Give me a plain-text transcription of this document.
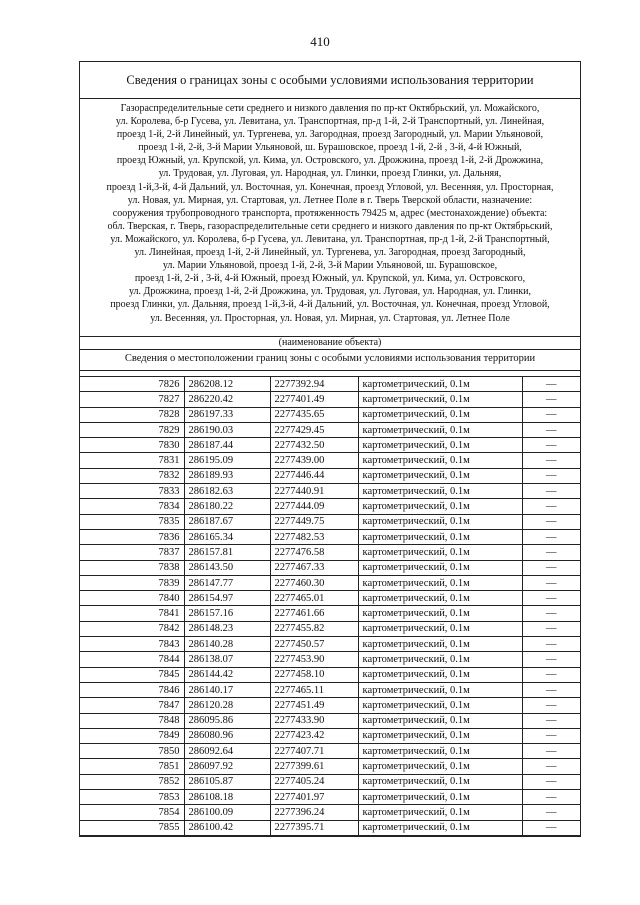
410
Сведения о границах зоны с особыми условиями использования территории
Газораспределительные сети среднего и низкого давления по пр-кт Октябрьский, ул. Можайского,
ул. Королева, б-р Гусева, ул. Левитана, ул. Транспортная, пр-д 1-й, 2-й Транспортный, ул. Линейная,
проезд 1-й, 2-й Линейный, ул. Тургенева, ул. Загородная, проезд Загородный, ул. Марии Ульяновой,
проезд 1-й, 2-й, 3-й Марии Ульяновой, ш. Бурашовское, проезд 1-й, 2-й , 3-й, 4-й Южный,
проезд Южный, ул. Крупской, ул. Кима, ул. Островского, ул. Дрожжина, проезд 1-й, 2-й Дрожжина,
ул. Трудовая, ул. Луговая, ул. Народная, ул. Глинки, проезд Глинки, ул. Дальняя,
проезд 1-й,3-й, 4-й Дальний, ул. Восточная, ул. Конечная, проезд Угловой, ул. Весенняя, ул. Просторная,
ул. Новая, ул. Мирная, ул. Стартовая, ул. Летнее Поле в г. Тверь Тверской области, назначение:
сооружения трубопроводного транспорта, протяженность 79425 м, адрес (местонахождение) объекта:
обл. Тверская, г. Тверь, газораспределительные сети среднего и низкого давления по пр-кт Октябрьский,
ул. Можайского, ул. Королева, б-р Гусева, ул. Левитана, ул. Транспортная, пр-д 1-й, 2-й Транспортный,
ул. Линейная, проезд 1-й, 2-й Линейный, ул. Тургенева, ул. Загородная, проезд Загородный,
ул. Марии Ульяновой, проезд 1-й, 2-й, 3-й Марии Ульяновой, ш. Бурашовское,
проезд 1-й, 2-й , 3-й, 4-й Южный, проезд Южный, ул. Крупской, ул. Кима, ул. Островского,
ул. Дрожжина, проезд 1-й, 2-й Дрожжина, ул. Трудовая, ул. Луговая, ул. Народная, ул. Глинки,
проезд Глинки, ул. Дальняя, проезд 1-й,3-й, 4-й Дальний, ул. Восточная, ул. Конечная, проезд Угловой,
ул. Весенняя, ул. Просторная, ул. Новая, ул. Мирная, ул. Стартовая, ул. Летнее Поле
(наименование объекта)
Сведения о местоположении границ зоны с особыми условиями использования территории
7826	286208.12	2277392.94	картометрический, 0.1м	—
7827	286220.42	2277401.49	картометрический, 0.1м	—
7828	286197.33	2277435.65	картометрический, 0.1м	—
7829	286190.03	2277429.45	картометрический, 0.1м	—
7830	286187.44	2277432.50	картометрический, 0.1м	—
7831	286195.09	2277439.00	картометрический, 0.1м	—
7832	286189.93	2277446.44	картометрический, 0.1м	—
7833	286182.63	2277440.91	картометрический, 0.1м	—
7834	286180.22	2277444.09	картометрический, 0.1м	—
7835	286187.67	2277449.75	картометрический, 0.1м	—
7836	286165.34	2277482.53	картометрический, 0.1м	—
7837	286157.81	2277476.58	картометрический, 0.1м	—
7838	286143.50	2277467.33	картометрический, 0.1м	—
7839	286147.77	2277460.30	картометрический, 0.1м	—
7840	286154.97	2277465.01	картометрический, 0.1м	—
7841	286157.16	2277461.66	картометрический, 0.1м	—
7842	286148.23	2277455.82	картометрический, 0.1м	—
7843	286140.28	2277450.57	картометрический, 0.1м	—
7844	286138.07	2277453.90	картометрический, 0.1м	—
7845	286144.42	2277458.10	картометрический, 0.1м	—
7846	286140.17	2277465.11	картометрический, 0.1м	—
7847	286120.28	2277451.49	картометрический, 0.1м	—
7848	286095.86	2277433.90	картометрический, 0.1м	—
7849	286080.96	2277423.42	картометрический, 0.1м	—
7850	286092.64	2277407.71	картометрический, 0.1м	—
7851	286097.92	2277399.61	картометрический, 0.1м	—
7852	286105.87	2277405.24	картометрический, 0.1м	—
7853	286108.18	2277401.97	картометрический, 0.1м	—
7854	286100.09	2277396.24	картометрический, 0.1м	—
7855	286100.42	2277395.71	картометрический, 0.1м	—
